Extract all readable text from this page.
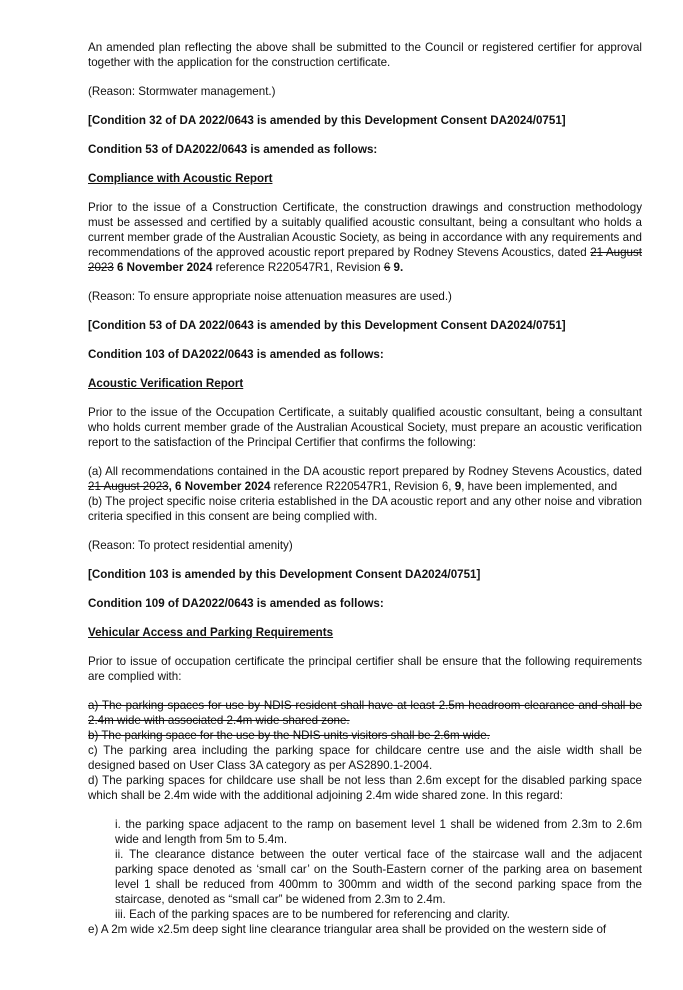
An amended plan reflecting the above shall be submitted to the Council or registered certifier for approval together with the application for the construction certificate.

(Reason: Stormwater management.)

[Condition 32 of DA 2022/0643 is amended by this Development Consent DA2024/0751]

Condition 53 of DA2022/0643 is amended as follows:

Compliance with Acoustic Report

Prior to the issue of a Construction Certificate, the construction drawings and construction methodology must be assessed and certified by a suitably qualified acoustic consultant, being a consultant who holds a current member grade of the Australian Acoustic Society, as being in accordance with any requirements and recommendations of the approved acoustic report prepared by Rodney Stevens Acoustics, dated 21 August 2023 6 November 2024 reference R220547R1, Revision 6 9.

(Reason: To ensure appropriate noise attenuation measures are used.)

[Condition 53 of DA 2022/0643 is amended by this Development Consent DA2024/0751]

Condition 103 of DA2022/0643 is amended as follows:

Acoustic Verification Report

Prior to the issue of the Occupation Certificate, a suitably qualified acoustic consultant, being a consultant who holds current member grade of the Australian Acoustical Society, must prepare an acoustic verification report to the satisfaction of the Principal Certifier that confirms the following:

(a) All recommendations contained in the DA acoustic report prepared by Rodney Stevens Acoustics, dated 21 August 2023, 6 November 2024 reference R220547R1, Revision 6, 9, have been implemented, and

(b) The project specific noise criteria established in the DA acoustic report and any other noise and vibration criteria specified in this consent are being complied with.

(Reason: To protect residential amenity)

[Condition 103 is amended by this Development Consent DA2024/0751]

Condition 109 of DA2022/0643 is amended as follows:

Vehicular Access and Parking Requirements

Prior to issue of occupation certificate the principal certifier shall be ensure that the following requirements are complied with:

a) The parking spaces for use by NDIS resident shall have at least 2.5m headroom clearance and shall be 2.4m wide with associated 2.4m wide shared zone.

b) The parking space for the use by the NDIS units visitors shall be 2.6m wide.

c) The parking area including the parking space for childcare centre use and the aisle width shall be designed based on User Class 3A category as per AS2890.1-2004.

d) The parking spaces for childcare use shall be not less than 2.6m except for the disabled parking space which shall be 2.4m wide with the additional adjoining 2.4m wide shared zone. In this regard:

i. the parking space adjacent to the ramp on basement level 1 shall be widened from 2.3m to 2.6m wide and length from 5m to 5.4m.

ii. The clearance distance between the outer vertical face of the staircase wall and the adjacent parking space denoted as ‘small car’ on the South-Eastern corner of the parking area on basement level 1 shall be reduced from 400mm to 300mm and width of the second parking space from the staircase, denoted as “small car” be widened from 2.3m to 2.4m.

iii. Each of the parking spaces are to be numbered for referencing and clarity.

e) A 2m wide x2.5m deep sight line clearance triangular area shall be provided on the western side of
